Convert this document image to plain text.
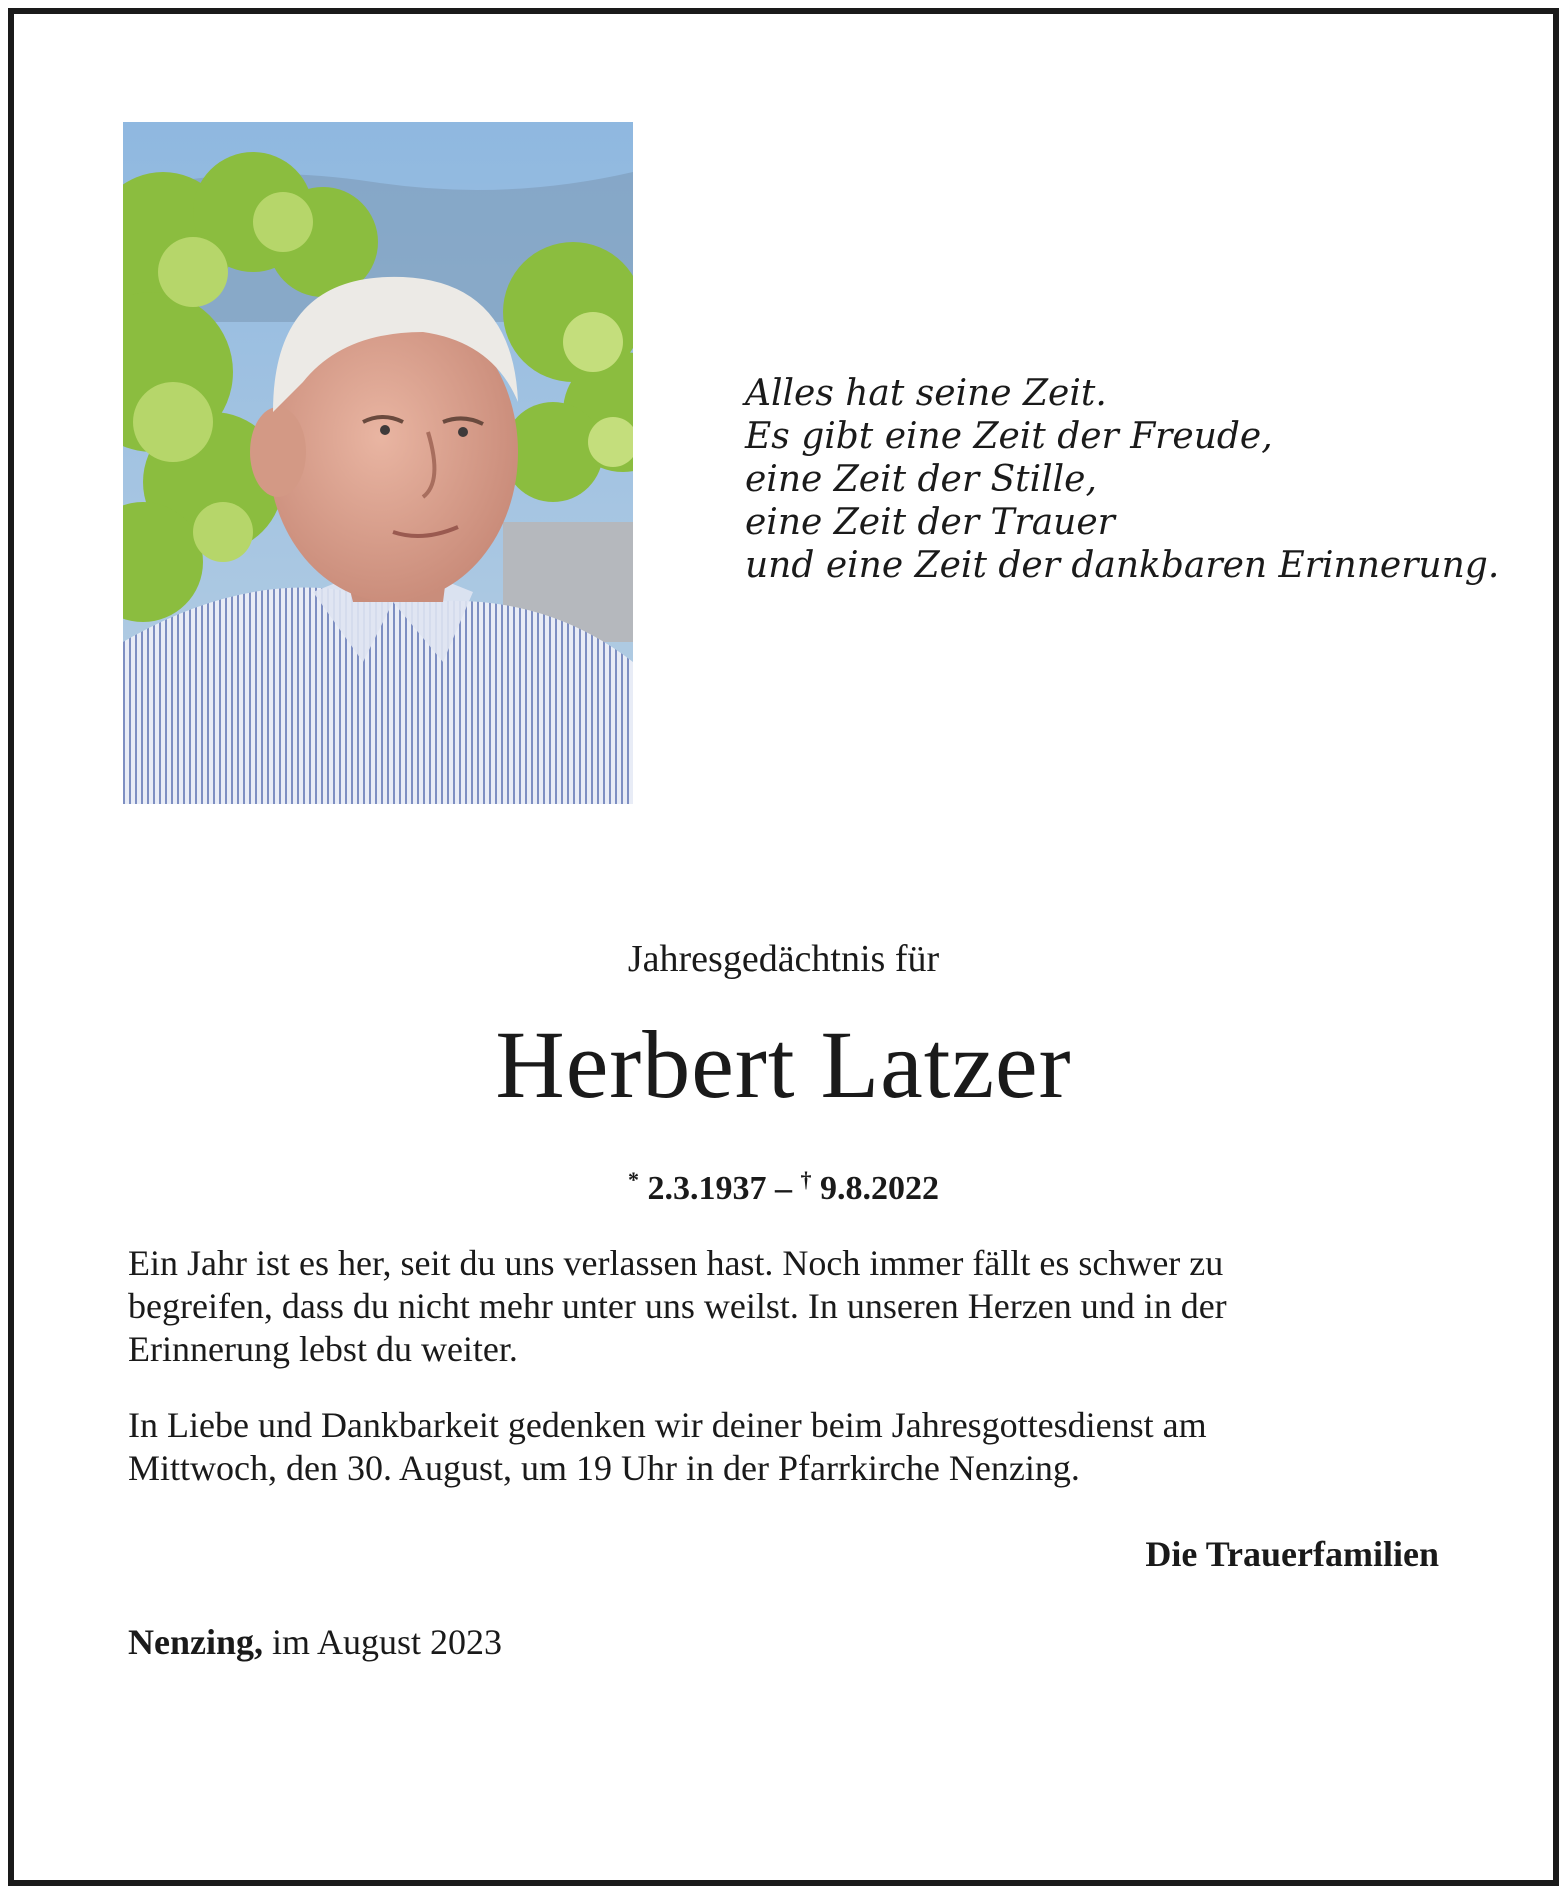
Alles hat seine Zeit.
Es gibt eine Zeit der Freude,
eine Zeit der Stille,
eine Zeit der Trauer
und eine Zeit der dankbaren Erinnerung.
Jahresgedächtnis für
Herbert Latzer
* 2.3.1937 – † 9.8.2022
Ein Jahr ist es her, seit du uns verlassen hast. Noch immer fällt es schwer zu
begreifen, dass du nicht mehr unter uns weilst. In unseren Herzen und in der
Erinnerung lebst du weiter.
In Liebe und Dankbarkeit gedenken wir deiner beim Jahresgottesdienst am
Mittwoch, den 30. August, um 19 Uhr in der Pfarrkirche Nenzing.
Die Trauerfamilien
Nenzing, im August 2023
